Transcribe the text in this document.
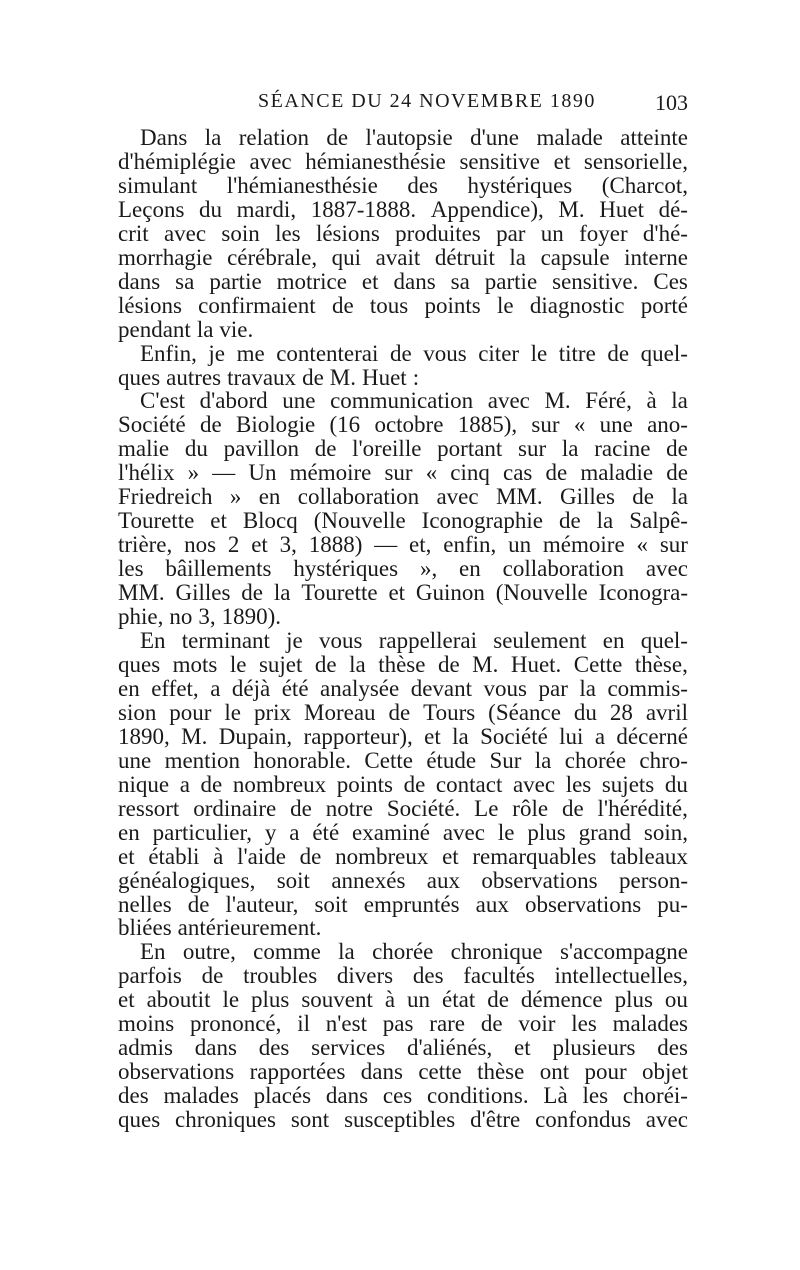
SÉANCE DU 24 NOVEMBRE 1890	103
Dans la relation de l'autopsie d'une malade atteinte
d'hémiplégie avec hémianesthésie sensitive et sensorielle,
simulant l'hémianesthésie des hystériques (Charcot,
Leçons du mardi, 1887-1888. Appendice), M. Huet dé-
crit avec soin les lésions produites par un foyer d'hé-
morrhagie cérébrale, qui avait détruit la capsule interne
dans sa partie motrice et dans sa partie sensitive. Ces
lésions confirmaient de tous points le diagnostic porté
pendant la vie.
Enfin, je me contenterai de vous citer le titre de quel-
ques autres travaux de M. Huet :
C'est d'abord une communication avec M. Féré, à la
Société de Biologie (16 octobre 1885), sur « une ano-
malie du pavillon de l'oreille portant sur la racine de
l'hélix » — Un mémoire sur « cinq cas de maladie de
Friedreich » en collaboration avec MM. Gilles de la
Tourette et Blocq (Nouvelle Iconographie de la Salpê-
trière, nos 2 et 3, 1888) — et, enfin, un mémoire « sur
les bâillements hystériques », en collaboration avec
MM. Gilles de la Tourette et Guinon (Nouvelle Iconogra-
phie, no 3, 1890).
En terminant je vous rappellerai seulement en quel-
ques mots le sujet de la thèse de M. Huet. Cette thèse,
en effet, a déjà été analysée devant vous par la commis-
sion pour le prix Moreau de Tours (Séance du 28 avril
1890, M. Dupain, rapporteur), et la Société lui a décerné
une mention honorable. Cette étude Sur la chorée chro-
nique a de nombreux points de contact avec les sujets du
ressort ordinaire de notre Société. Le rôle de l'hérédité,
en particulier, y a été examiné avec le plus grand soin,
et établi à l'aide de nombreux et remarquables tableaux
généalogiques, soit annexés aux observations person-
nelles de l'auteur, soit empruntés aux observations pu-
bliées antérieurement.
En outre, comme la chorée chronique s'accompagne
parfois de troubles divers des facultés intellectuelles,
et aboutit le plus souvent à un état de démence plus ou
moins prononcé, il n'est pas rare de voir les malades
admis dans des services d'aliénés, et plusieurs des
observations rapportées dans cette thèse ont pour objet
des malades placés dans ces conditions. Là les choréi-
ques chroniques sont susceptibles d'être confondus avec
